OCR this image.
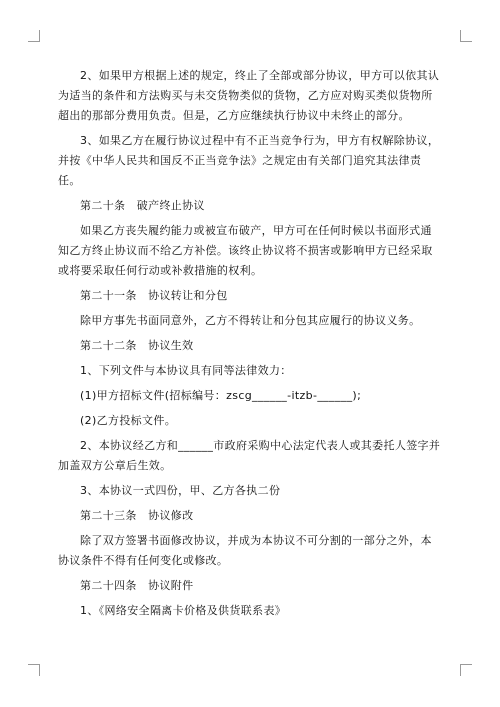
2、如果甲方根据上述的规定，终止了全部或部分协议，甲方可以依其认为适当的条件和方法购买与未交货物类似的货物，乙方应对购买类似货物所超出的那部分费用负责。但是，乙方应继续执行协议中未终止的部分。

3、如果乙方在履行协议过程中有不正当竞争行为，甲方有权解除协议，并按《中华人民共和国反不正当竞争法》之规定由有关部门追究其法律责任。

第二十条　破产终止协议

如果乙方丧失履约能力或被宣布破产，甲方可在任何时候以书面形式通知乙方终止协议而不给乙方补偿。该终止协议将不损害或影响甲方已经采取或将要采取任何行动或补救措施的权利。

第二十一条　协议转让和分包

除甲方事先书面同意外，乙方不得转让和分包其应履行的协议义务。

第二十二条　协议生效

1、下列文件与本协议具有同等法律效力：

(1)甲方招标文件(招标编号：zscg______-itzb-______);

(2)乙方投标文件。

2、本协议经乙方和______市政府采购中心法定代表人或其委托人签字并加盖双方公章后生效。

3、本协议一式四份，甲、乙方各执二份

第二十三条　协议修改

除了双方签署书面修改协议，并成为本协议不可分割的一部分之外，本协议条件不得有任何变化或修改。

第二十四条　协议附件

1、《网络安全隔离卡价格及供货联系表》
